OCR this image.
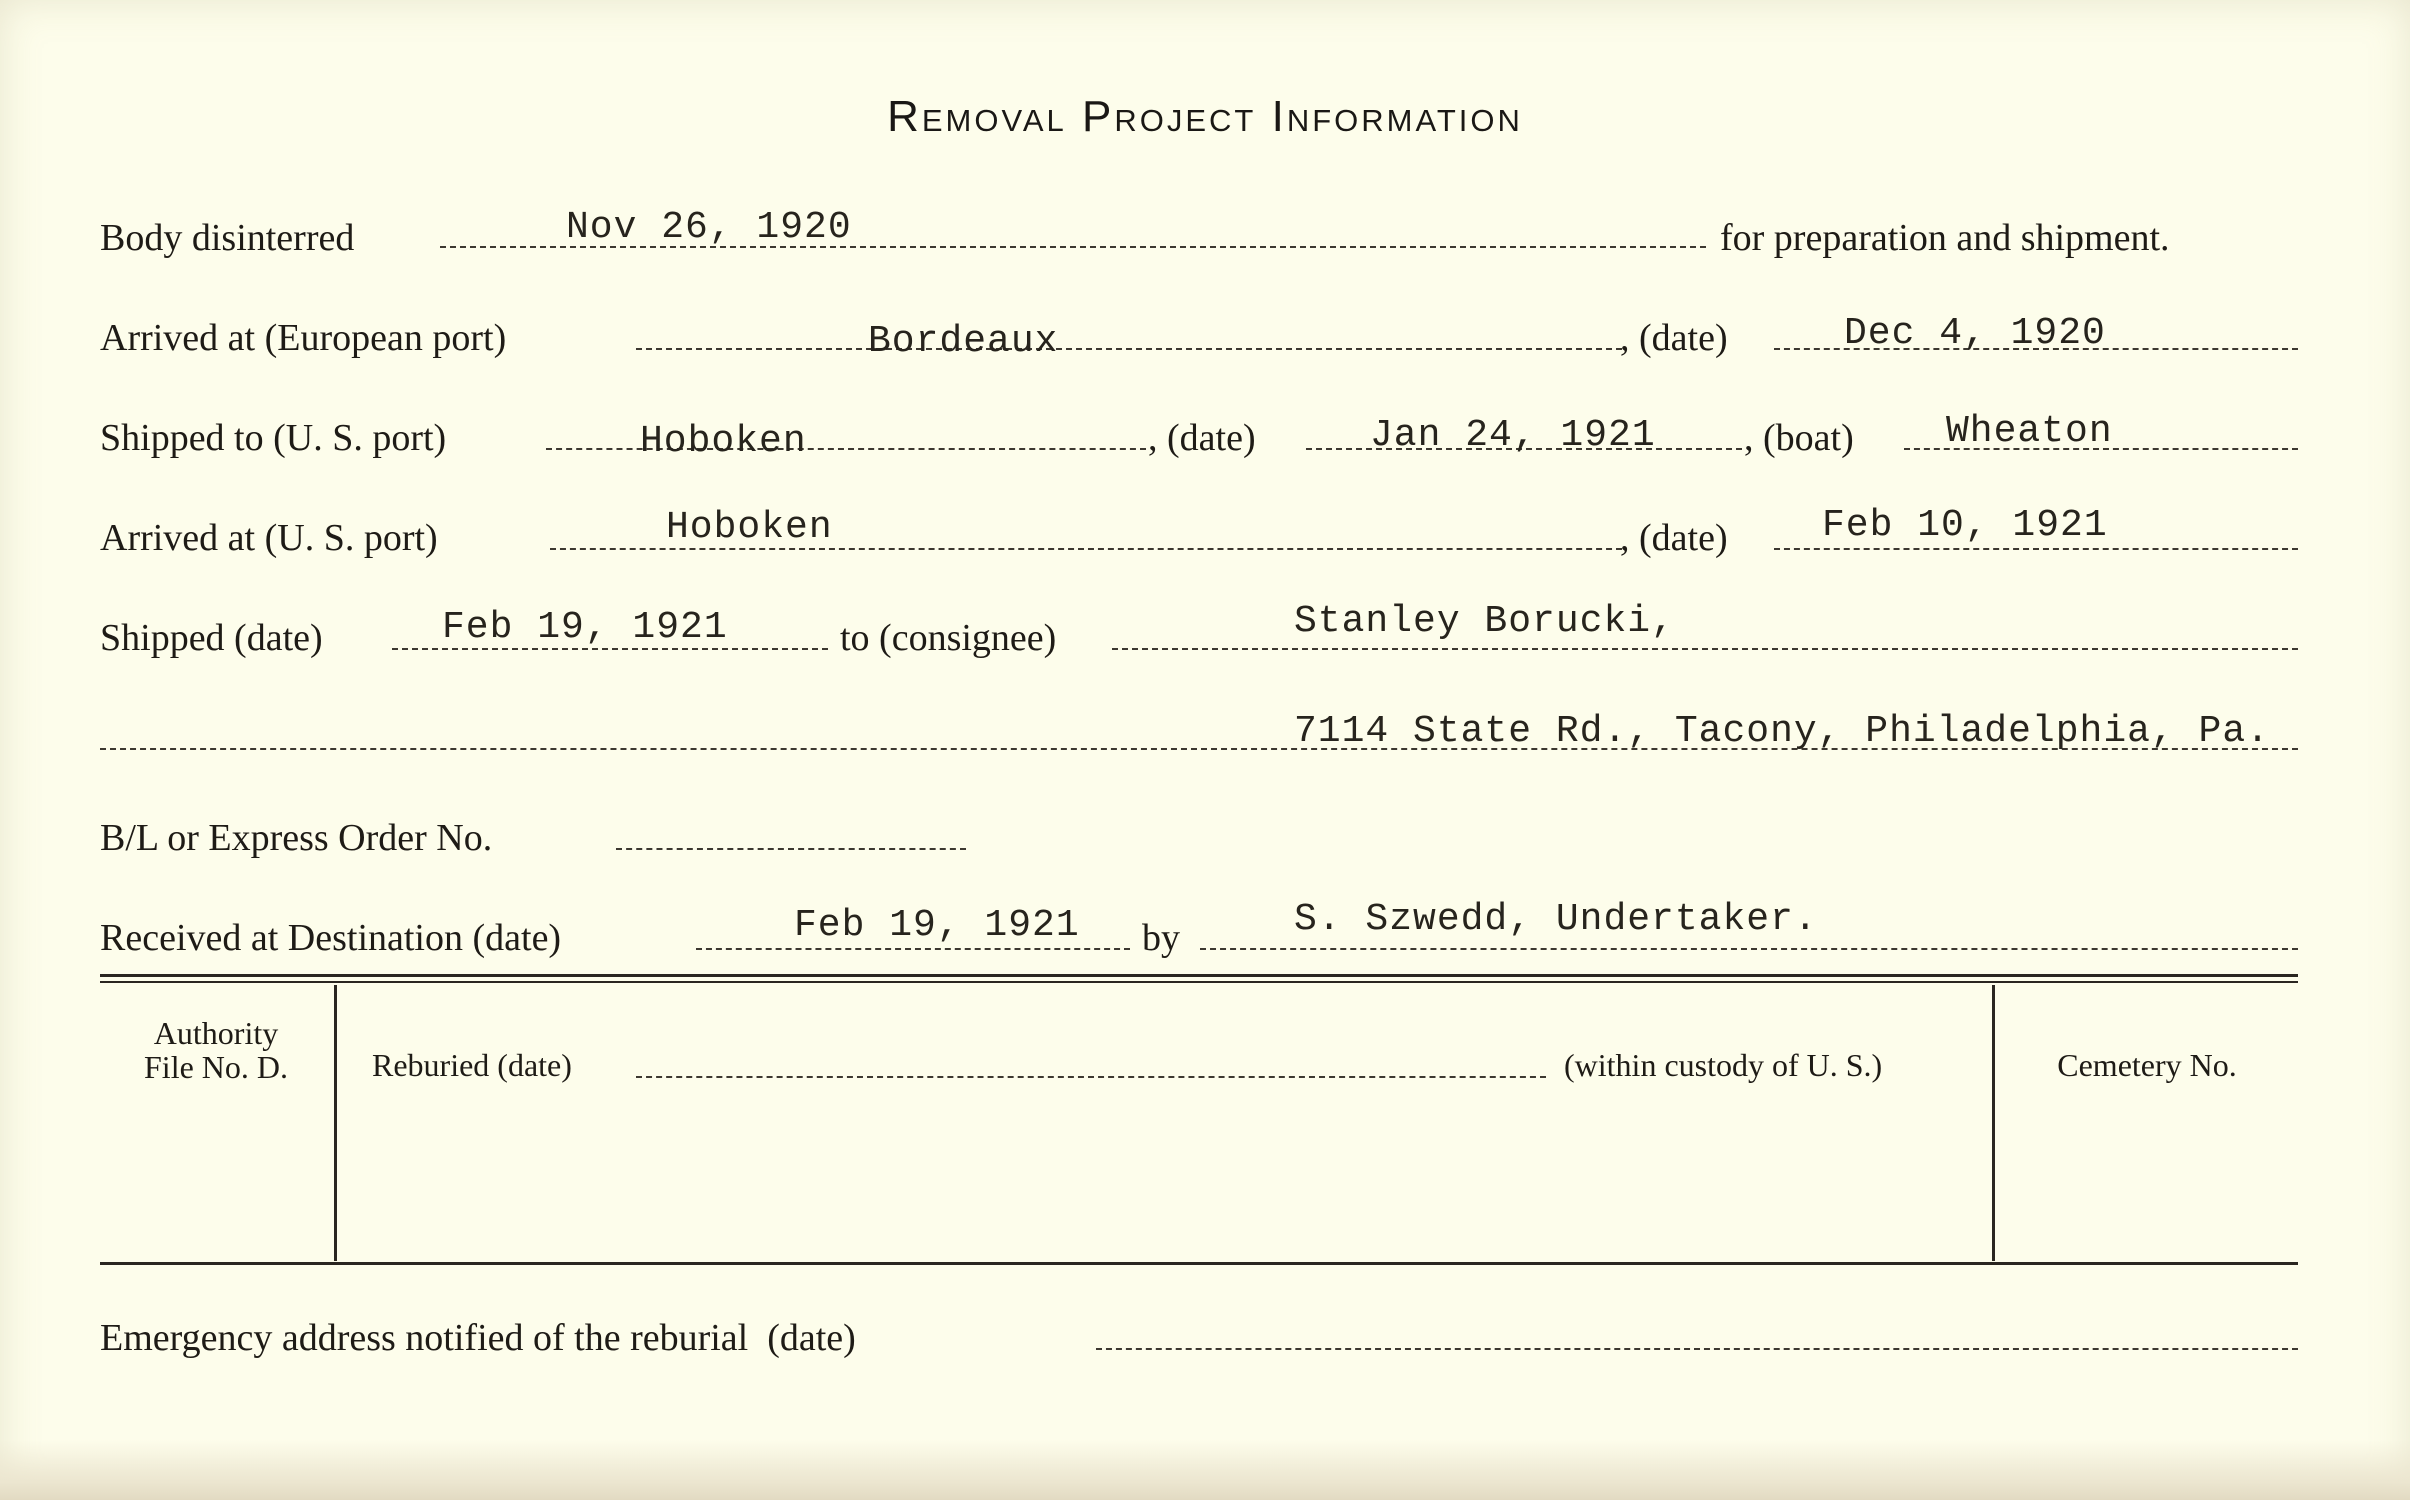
Removal Project Information
Body disinterred	Nov 26, 1920	for preparation and shipment.
Arrived at (European port)	Bordeaux	, (date)	Dec 4, 1920
Shipped to (U. S. port)	Hoboken	, (date)	Jan 24, 1921 , (boat) Wheaton
Arrived at (U. S. port)	Hoboken	, (date) Feb 10, 1921
Shipped (date)	Feb 19, 1921	to (consignee)	Stanley Borucki,
7114 State Rd., Tacony, Philadelphia, Pa.
B/L or Express Order No.
Received at Destination (date)	Feb 19, 1921 by	S. Szwedd, Undertaker.
Authority
File No. D.	Reburied (date)	(within custody of U. S.)	Cemetery No.
Emergency address notified of the reburial  (date)
